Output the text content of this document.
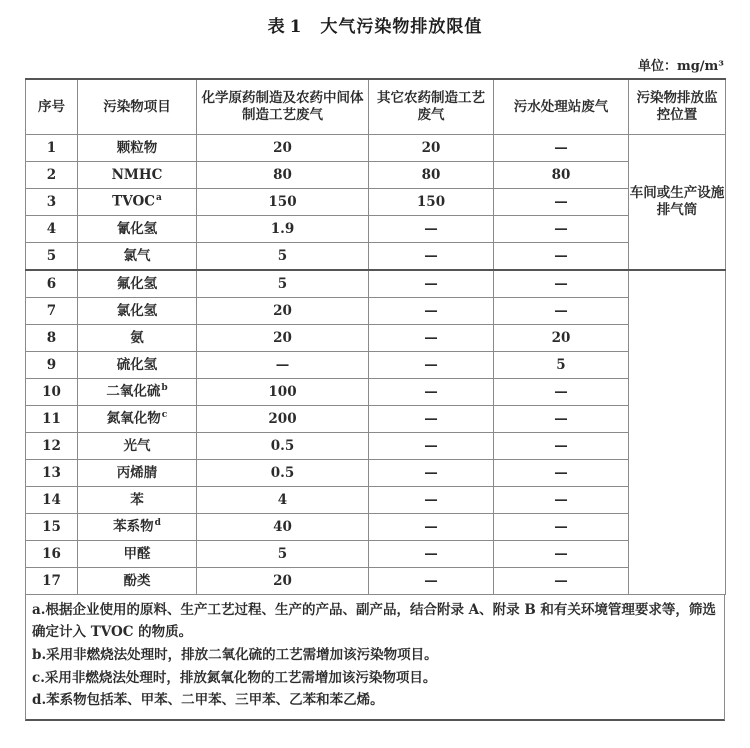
表 1 大气污染物排放限值
单位：mg/m³
序号	污染物项目	化学原药制造及农药中间体制造工艺废气	其它农药制造工艺废气	污水处理站废气	污染物排放监控位置
1	颗粒物	20	20	—	车间或生产设施排气筒
2	NMHC	80	80	80	
3	TVOC$^a$	150	150	—	
4	氰化氢	1.9	—	—	
5	氯气	5	—	—	
6	氟化氢	5	—	—	
7	氯化氢	20	—	—	
8	氨	20	—	20	
9	硫化氢	—	—	5	
10	二氧化硫$^b$	100	—	—	
11	氮氧化物$^c$	200	—	—	
12	光气	0.5	—	—	
13	丙烯腈	0.5	—	—	
14	苯	4	—	—	
15	苯系物$^d$	40	—	—	
16	甲醛	5	—	—	
17	酚类	20	—	—	

a.根据企业使用的原料、生产工艺过程、生产的产品、副产品，结合附录 A、附录 B 和有关环境管理要求等，筛选确定计入 TVOC 的物质。

b.采用非燃烧法处理时，排放二氧化硫的工艺需增加该污染物项目。

c.采用非燃烧法处理时，排放氮氧化物的工艺需增加该污染物项目。

d.苯系物包括苯、甲苯、二甲苯、三甲苯、乙苯和苯乙烯。
